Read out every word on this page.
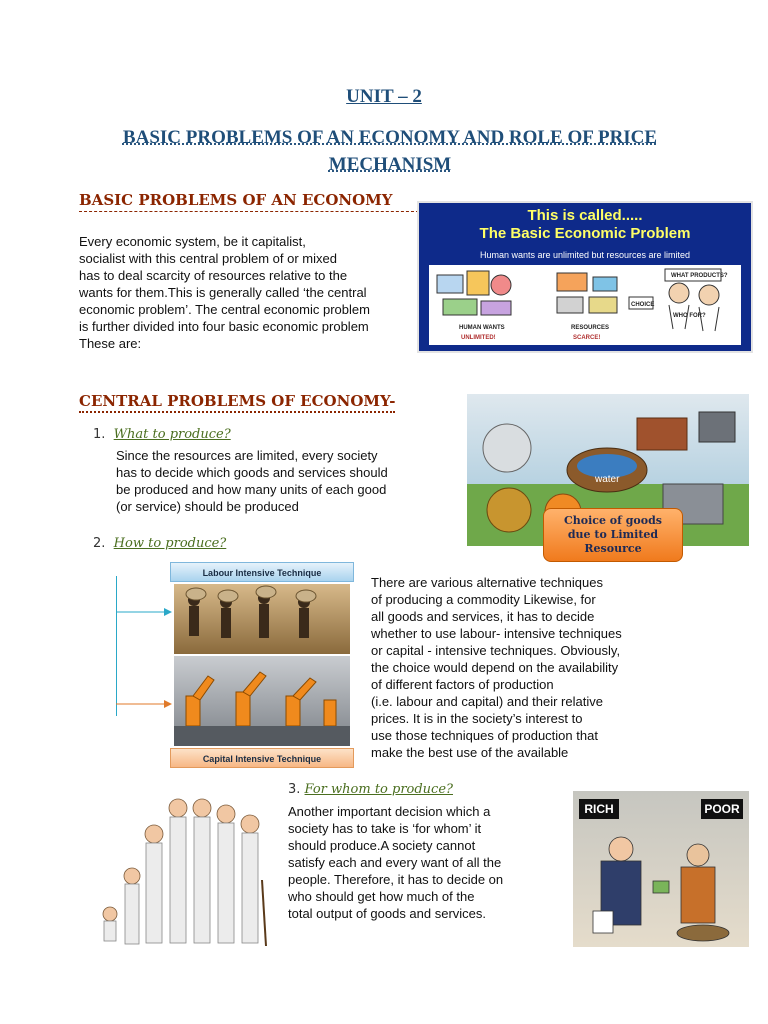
UNIT – 2
BASIC PROBLEMS OF AN ECONOMY AND ROLE OF PRICE
MECHANISM
BASIC PROBLEMS OF AN ECONOMY
Every economic system, be it capitalist,
socialist with this central problem of or mixed
has to deal scarcity of resources relative to the
wants for them.This is generally called ‘the central
economic problem’. The central economic problem
is further divided into four basic economic problem
These are:
This is called.....
The Basic Economic Problem
Human wants are unlimited but resources are limited
WHAT PRODUCTS?
CHOICE
WHO FOR?
HUMAN WANTS
UNLIMITED!
RESOURCES
SCARCE!
CENTRAL PROBLEMS OF ECONOMY-
1. What to produce?
Since the resources are limited, every society
has to decide which goods and services should
be produced and how many units of each good
(or service) should be produced
water
Choice of goods
due to Limited
Resource
2. How to produce?
Labour Intensive Technique
Capital Intensive Technique
There are various alternative techniques
of producing a commodity Likewise, for
all goods and services, it has to decide
whether to use labour- intensive techniques
or capital - intensive techniques. Obviously,
the choice would depend on the availability
of different factors of production
(i.e. labour and capital) and their relative
prices. It is in the society’s interest to
use those techniques of production that
make the best use of the available
3. For whom to produce?
Another important decision which a
society has to take is ‘for whom’ it
should produce.A society cannot
satisfy each and every want of all the
people. Therefore, it has to decide on
who should get how much of the
total output of goods and services.
RICH	POOR
